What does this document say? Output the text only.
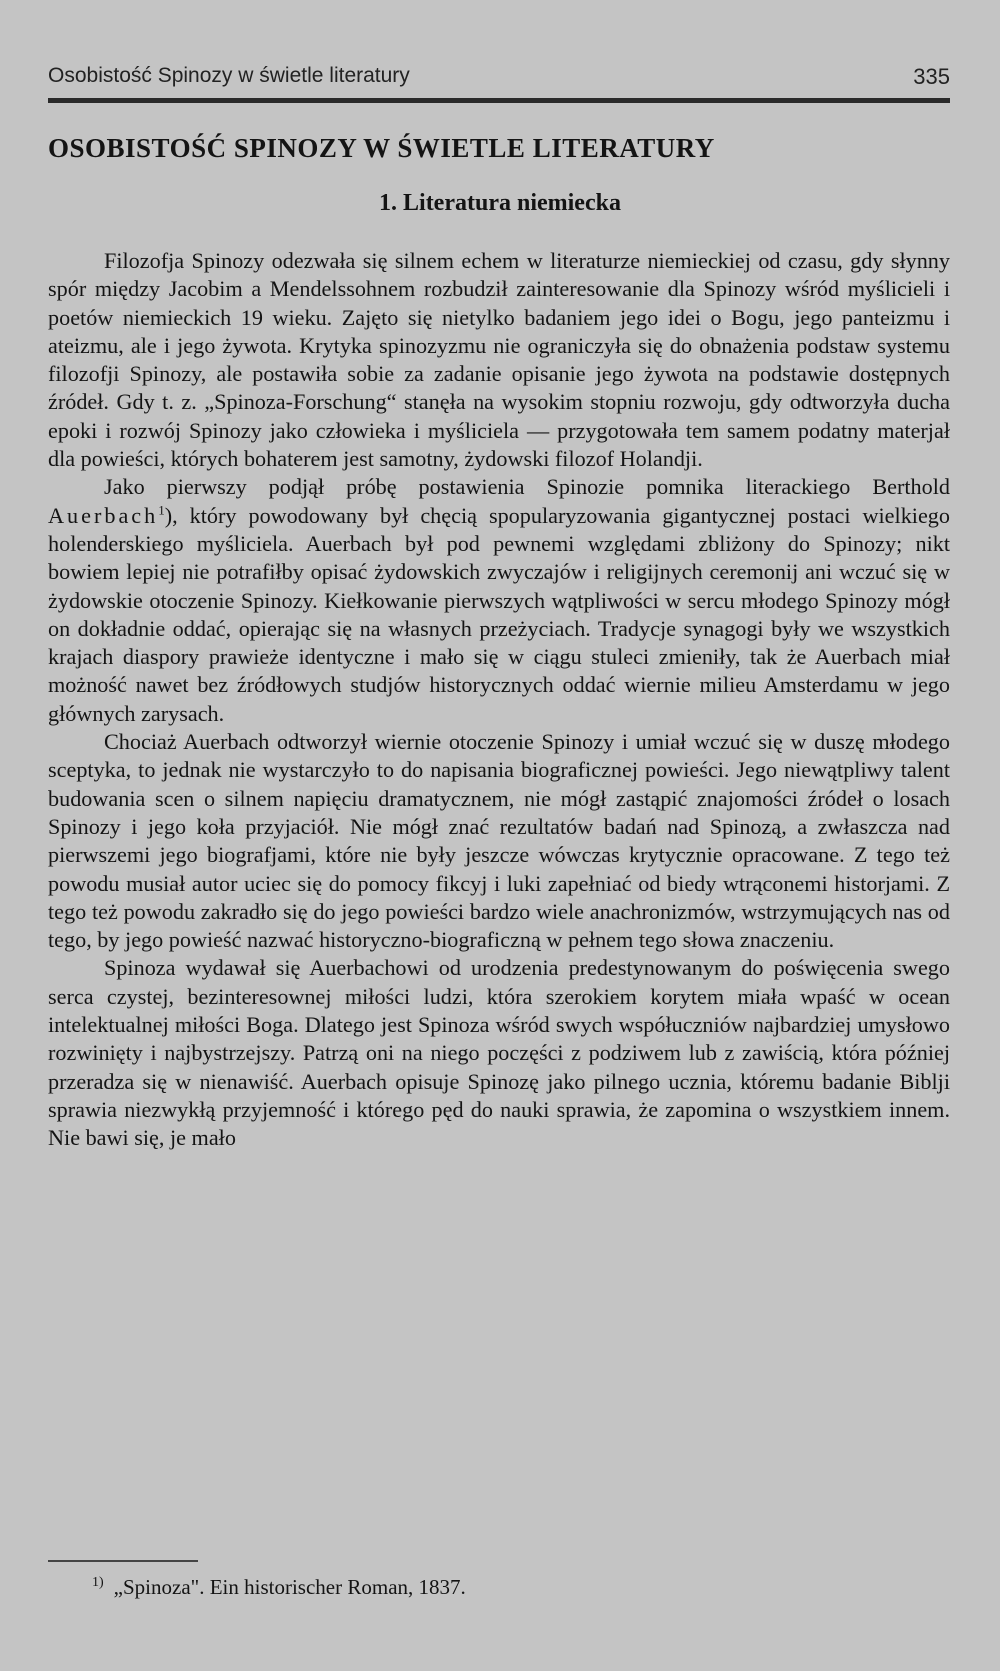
Osobistość Spinozy w świetle literatury	335
OSOBISTOŚĆ SPINOZY W ŚWIETLE LITERATURY
1. Literatura niemiecka

Filozofja Spinozy odezwała się silnem echem w literaturze niemieckiej od czasu, gdy słynny spór między Jacobim a Mendelssohnem rozbudził zainteresowanie dla Spinozy wśród myślicieli i poetów niemieckich 19 wieku. Zajęto się nietylko badaniem jego idei o Bogu, jego panteizmu i ateizmu, ale i jego żywota. Krytyka spinozyzmu nie ograniczyła się do obnażenia podstaw systemu filozofji Spinozy, ale postawiła sobie za zadanie opisanie jego żywota na podstawie dostępnych źródeł. Gdy t. z. „Spinoza-Forschung“ stanęła na wysokim stopniu rozwoju, gdy odtworzyła ducha epoki i rozwój Spinozy jako człowieka i myśliciela — przygotowała tem samem podatny materjał dla powieści, których bohaterem jest samotny, żydowski filozof Holandji.

Jako pierwszy podjął próbę postawienia Spinozie pomnika literackiego Berthold Auerbach$^1$), który powodowany był chęcią spopularyzowania gigantycznej postaci wielkiego holenderskiego myśliciela. Auerbach był pod pewnemi względami zbliżony do Spinozy; nikt bowiem lepiej nie potrafiłby opisać żydowskich zwyczajów i religijnych ceremonij ani wczuć się w żydowskie otoczenie Spinozy. Kiełkowanie pierwszych wątpliwości w sercu młodego Spinozy mógł on dokładnie oddać, opierając się na własnych przeżyciach. Tradycje synagogi były we wszystkich krajach diaspory prawieże identyczne i mało się w ciągu stuleci zmieniły, tak że Auerbach miał możność nawet bez źródłowych studjów historycznych oddać wiernie milieu Amsterdamu w jego głównych zarysach.

Chociaż Auerbach odtworzył wiernie otoczenie Spinozy i umiał wczuć się w duszę młodego sceptyka, to jednak nie wystarczyło to do napisania biograficznej powieści. Jego niewątpliwy talent budowania scen o silnem napięciu dramatycznem, nie mógł zastąpić znajomości źródeł o losach Spinozy i jego koła przyjaciół. Nie mógł znać rezultatów badań nad Spinozą, a zwłaszcza nad pierwszemi jego biografjami, które nie były jeszcze wówczas krytycznie opracowane. Z tego też powodu musiał autor uciec się do pomocy fikcyj i luki zapełniać od biedy wtrąconemi historjami. Z tego też powodu zakradło się do jego powieści bardzo wiele anachronizmów, wstrzymujących nas od tego, by jego powieść nazwać historyczno-biograficzną w pełnem tego słowa znaczeniu.

Spinoza wydawał się Auerbachowi od urodzenia predestynowanym do poświęcenia swego serca czystej, bezinteresownej miłości ludzi, która szerokiem korytem miała wpaść w ocean intelektualnej miłości Boga. Dlatego jest Spinoza wśród swych współuczniów najbardziej umysłowo rozwinięty i najbystrzejszy. Patrzą oni na niego poczęści z podziwem lub z zawiścią, która później przeradza się w nienawiść. Auerbach opisuje Spinozę jako pilnego ucznia, któremu badanie Biblji sprawia niezwykłą przyjemność i którego pęd do nauki sprawia, że zapomina o wszystkiem innem. Nie bawi się, je mało

$^{1)}$ „Spinoza". Ein historischer Roman, 1837.
